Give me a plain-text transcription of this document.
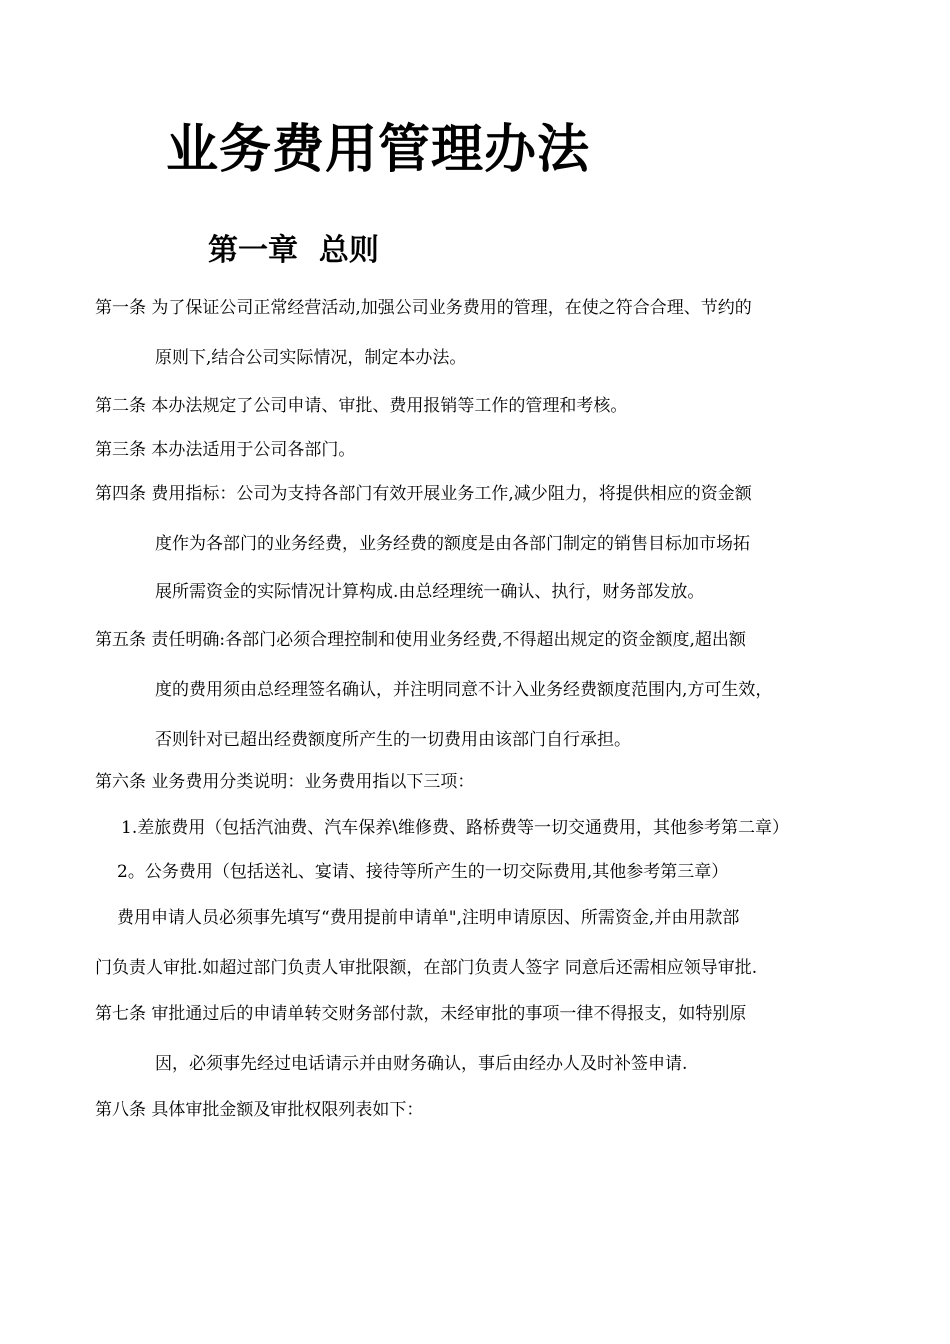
业务费用管理办法
第一章  总则
第一条 为了保证公司正常经营活动,加强公司业务费用的管理，在使之符合合理、节约的
原则下,结合公司实际情况，制定本办法。
第二条 本办法规定了公司申请、审批、费用报销等工作的管理和考核。
第三条 本办法适用于公司各部门。
第四条 费用指标：公司为支持各部门有效开展业务工作,减少阻力，将提供相应的资金额
度作为各部门的业务经费，业务经费的额度是由各部门制定的销售目标加市场拓
展所需资金的实际情况计算构成.由总经理统一确认、执行，财务部发放。
第五条 责任明确:各部门必须合理控制和使用业务经费,不得超出规定的资金额度,超出额
度的费用须由总经理签名确认，并注明同意不计入业务经费额度范围内,方可生效，
否则针对已超出经费额度所产生的一切费用由该部门自行承担。
第六条 业务费用分类说明：业务费用指以下三项：
1.差旅费用（包括汽油费、汽车保养\维修费、路桥费等一切交通费用，其他参考第二章）
2。公务费用（包括送礼、宴请、接待等所产生的一切交际费用,其他参考第三章）
费用申请人员必须事先填写“费用提前申请单",注明申请原因、所需资金,并由用款部
门负责人审批.如超过部门负责人审批限额，在部门负责人签字 同意后还需相应领导审批.
第七条 审批通过后的申请单转交财务部付款，未经审批的事项一律不得报支，如特别原
因，必须事先经过电话请示并由财务确认，事后由经办人及时补签申请.
第八条 具体审批金额及审批权限列表如下：
